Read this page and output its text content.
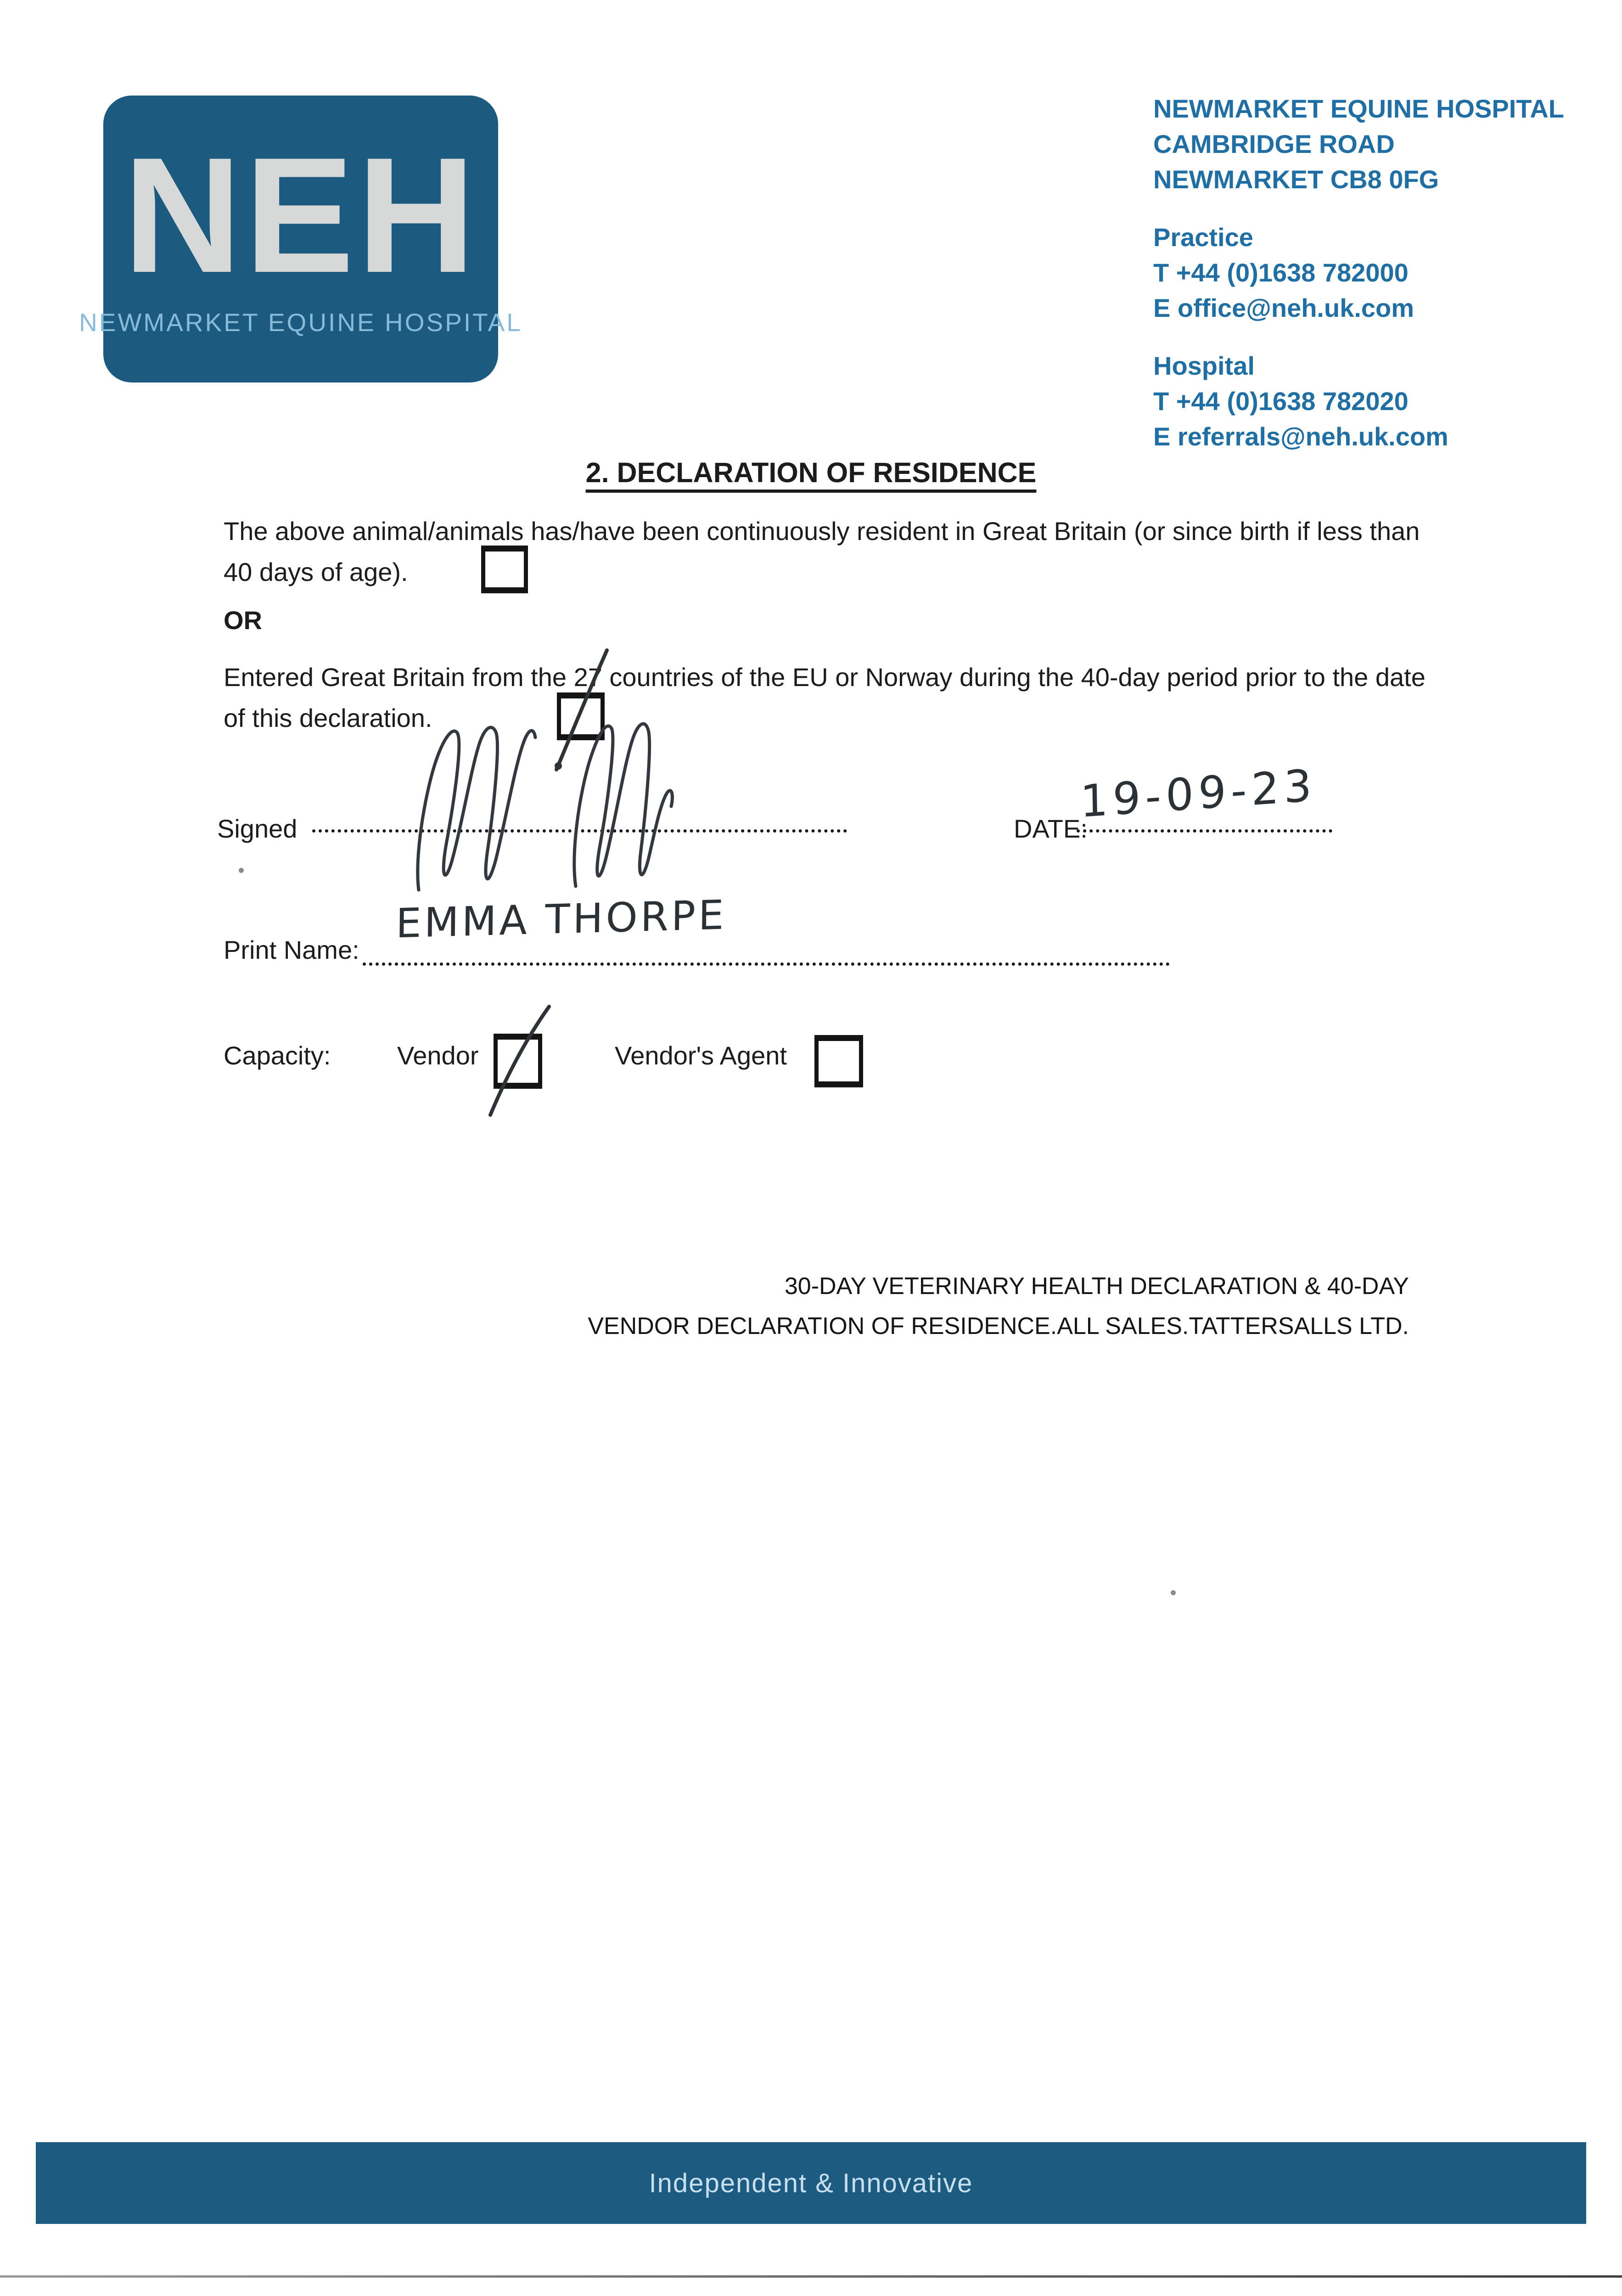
NEH
NEWMARKET EQUINE HOSPITAL
NEWMARKET EQUINE HOSPITAL
CAMBRIDGE ROAD
NEWMARKET CB8 0FG
Practice
T +44 (0)1638 782000
E office@neh.uk.com
Hospital
T +44 (0)1638 782020
E referrals@neh.uk.com
2. DECLARATION OF RESIDENCE
The above animal/animals has/have been continuously resident in Great Britain (or since birth if less than 40 days of age).
OR
Entered Great Britain from the 27 countries of the EU or Norway during the 40-day period prior to the date of this declaration.
Signed	DATE:
19-09-23
Print Name:
EMMA THORPE
Capacity:	Vendor	Vendor's Agent
30-DAY VETERINARY HEALTH DECLARATION & 40-DAY
VENDOR DECLARATION OF RESIDENCE.ALL SALES.TATTERSALLS LTD.
Independent & Innovative
